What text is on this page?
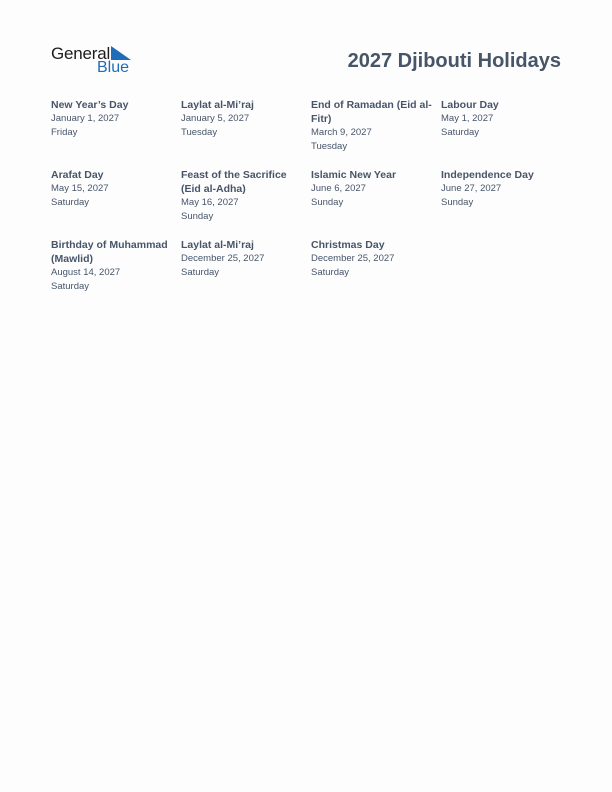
General
Blue	2027 Djibouti Holidays
New Year’s Day
January 1, 2027
Friday
Laylat al-Mi’raj
January 5, 2027
Tuesday
End of Ramadan (Eid al-Fitr)
March 9, 2027
Tuesday
Labour Day
May 1, 2027
Saturday
Arafat Day
May 15, 2027
Saturday
Feast of the Sacrifice (Eid al-Adha)
May 16, 2027
Sunday
Islamic New Year
June 6, 2027
Sunday
Independence Day
June 27, 2027
Sunday
Birthday of Muhammad (Mawlid)
August 14, 2027
Saturday
Laylat al-Mi’raj
December 25, 2027
Saturday
Christmas Day
December 25, 2027
Saturday
